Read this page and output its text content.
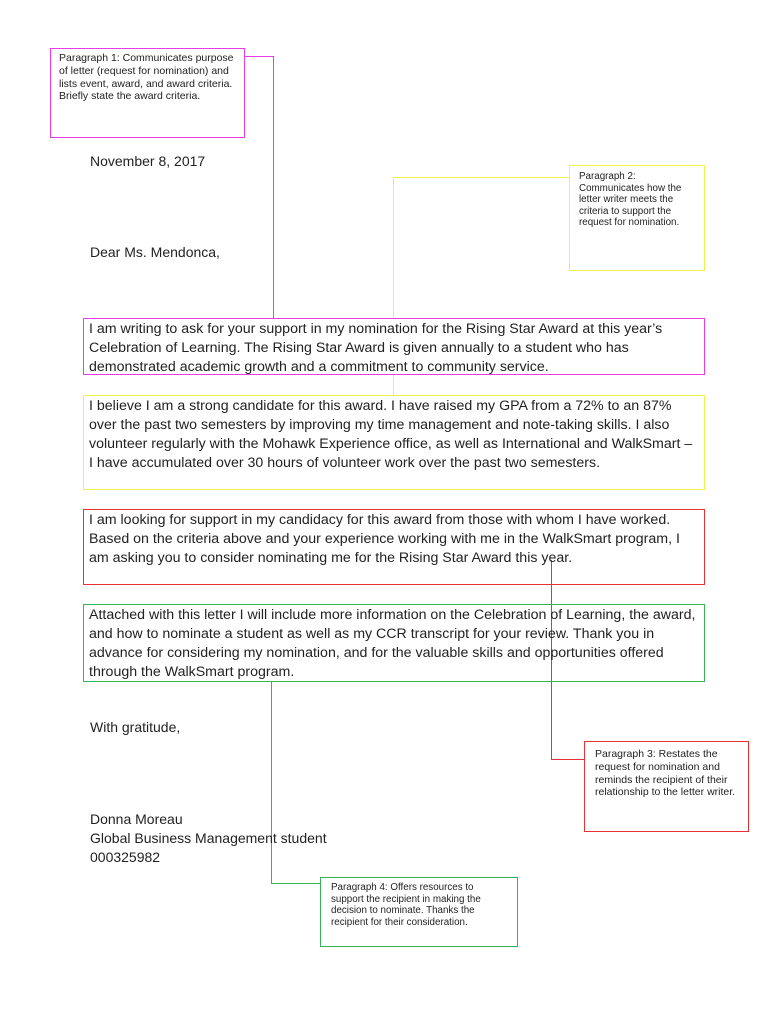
Paragraph 1: Communicates purpose of letter (request for nomination) and lists event, award, and award criteria. Briefly state the award criteria.
Paragraph 2: Communicates how the letter writer meets the criteria to support the request for nomination.
Paragraph 3: Restates the request for nomination and reminds the recipient of their relationship to the letter writer.
Paragraph 4: Offers resources to support the recipient in making the decision to nominate. Thanks the recipient for their consideration.
November 8, 2017
Dear Ms. Mendonca,
I am writing to ask for your support in my nomination for the Rising Star Award at this year’s Celebration of Learning. The Rising Star Award is given annually to a student who has demonstrated academic growth and a commitment to community service.
I believe I am a strong candidate for this award. I have raised my GPA from a 72% to an 87% over the past two semesters by improving my time management and note-taking skills. I also volunteer regularly with the Mohawk Experience office, as well as International and WalkSmart – I have accumulated over 30 hours of volunteer work over the past two semesters.
I am looking for support in my candidacy for this award from those with whom I have worked. Based on the criteria above and your experience working with me in the WalkSmart program, I am asking you to consider nominating me for the Rising Star Award this year.
Attached with this letter I will include more information on the Celebration of Learning, the award, and how to nominate a student as well as my CCR transcript for your review. Thank you in advance for considering my nomination, and for the valuable skills and opportunities offered through the WalkSmart program.
With gratitude,
Donna Moreau
Global Business Management student
000325982
